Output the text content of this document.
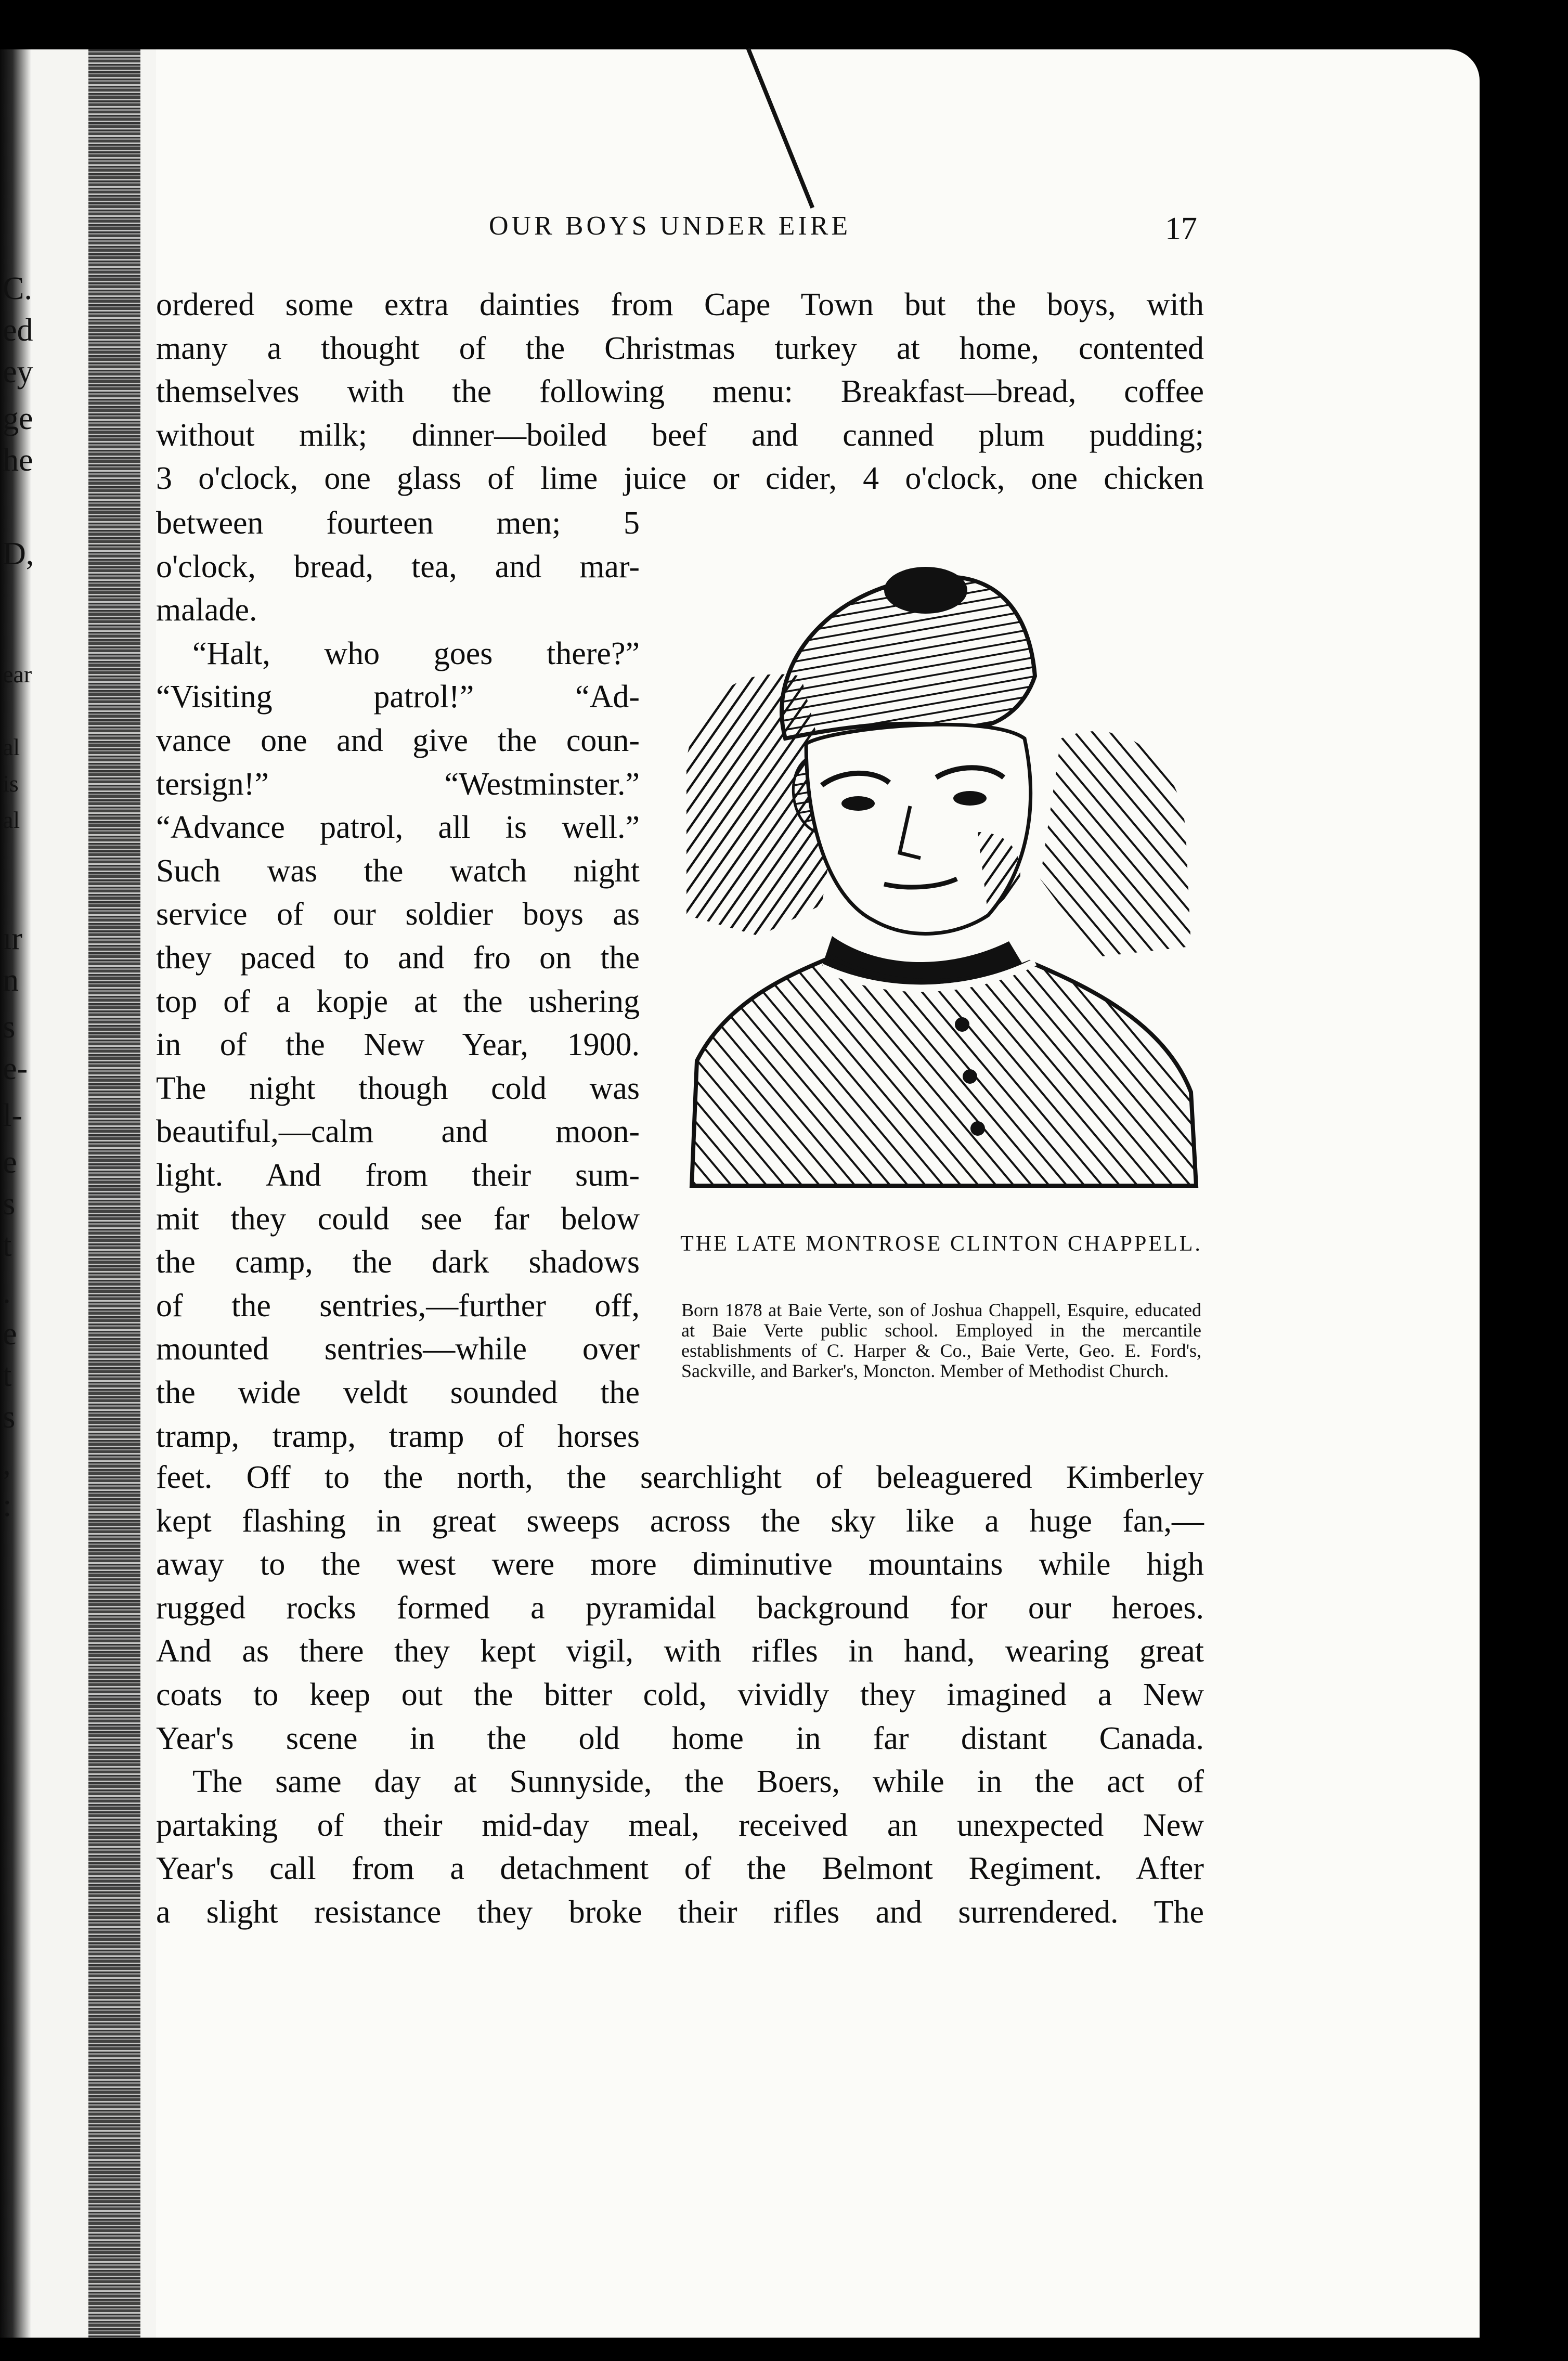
C.
ed
ey
ge
he
D,
ear
al
is
al
ır
n
s
e-
l-
e
s
t
.
e
t
s
,
:
OUR BOYS UNDER EIRE	17
ordered some extra dainties from Cape Town but the boys, with
many a thought of the Christmas turkey at home, contented
themselves with the following menu: Breakfast—bread, coffee
without milk; dinner—boiled beef and canned plum pudding;
3 o'clock, one glass of lime juice or cider, 4 o'clock, one chicken
between fourteen men; 5
o'clock, bread, tea, and mar-
malade.
“Halt, who goes there?”
“Visiting patrol!” “Ad-
vance one and give the coun-
tersign!” “Westminster.”
“Advance patrol, all is well.”
Such was the watch night
service of our soldier boys as
they paced to and fro on the
top of a kopje at the ushering
in of the New Year, 1900.
The night though cold was
beautiful,—calm and moon-
light. And from their sum-
mit they could see far below
the camp, the dark shadows
of the sentries,—further off,
mounted sentries—while over
the wide veldt sounded the
tramp, tramp, tramp of horses
feet. Off to the north, the searchlight of beleaguered Kimberley
kept flashing in great sweeps across the sky like a huge fan,—
away to the west were more diminutive mountains while high
rugged rocks formed a pyramidal background for our heroes.
And as there they kept vigil, with rifles in hand, wearing great
coats to keep out the bitter cold, vividly they imagined a New
Year's scene in the old home in far distant Canada.
The same day at Sunnyside, the Boers, while in the act of
partaking of their mid-day meal, received an unexpected New
Year's call from a detachment of the Belmont Regiment. After
a slight resistance they broke their rifles and surrendered. The
THE LATE MONTROSE CLINTON CHAPPELL.
Born 1878 at Baie Verte, son of Joshua Chappell, Esquire, educated at Baie Verte public school. Employed in the mercantile establishments of C. Harper & Co., Baie Verte, Geo. E. Ford's, Sackville, and Barker's, Moncton. Member of Methodist Church.
